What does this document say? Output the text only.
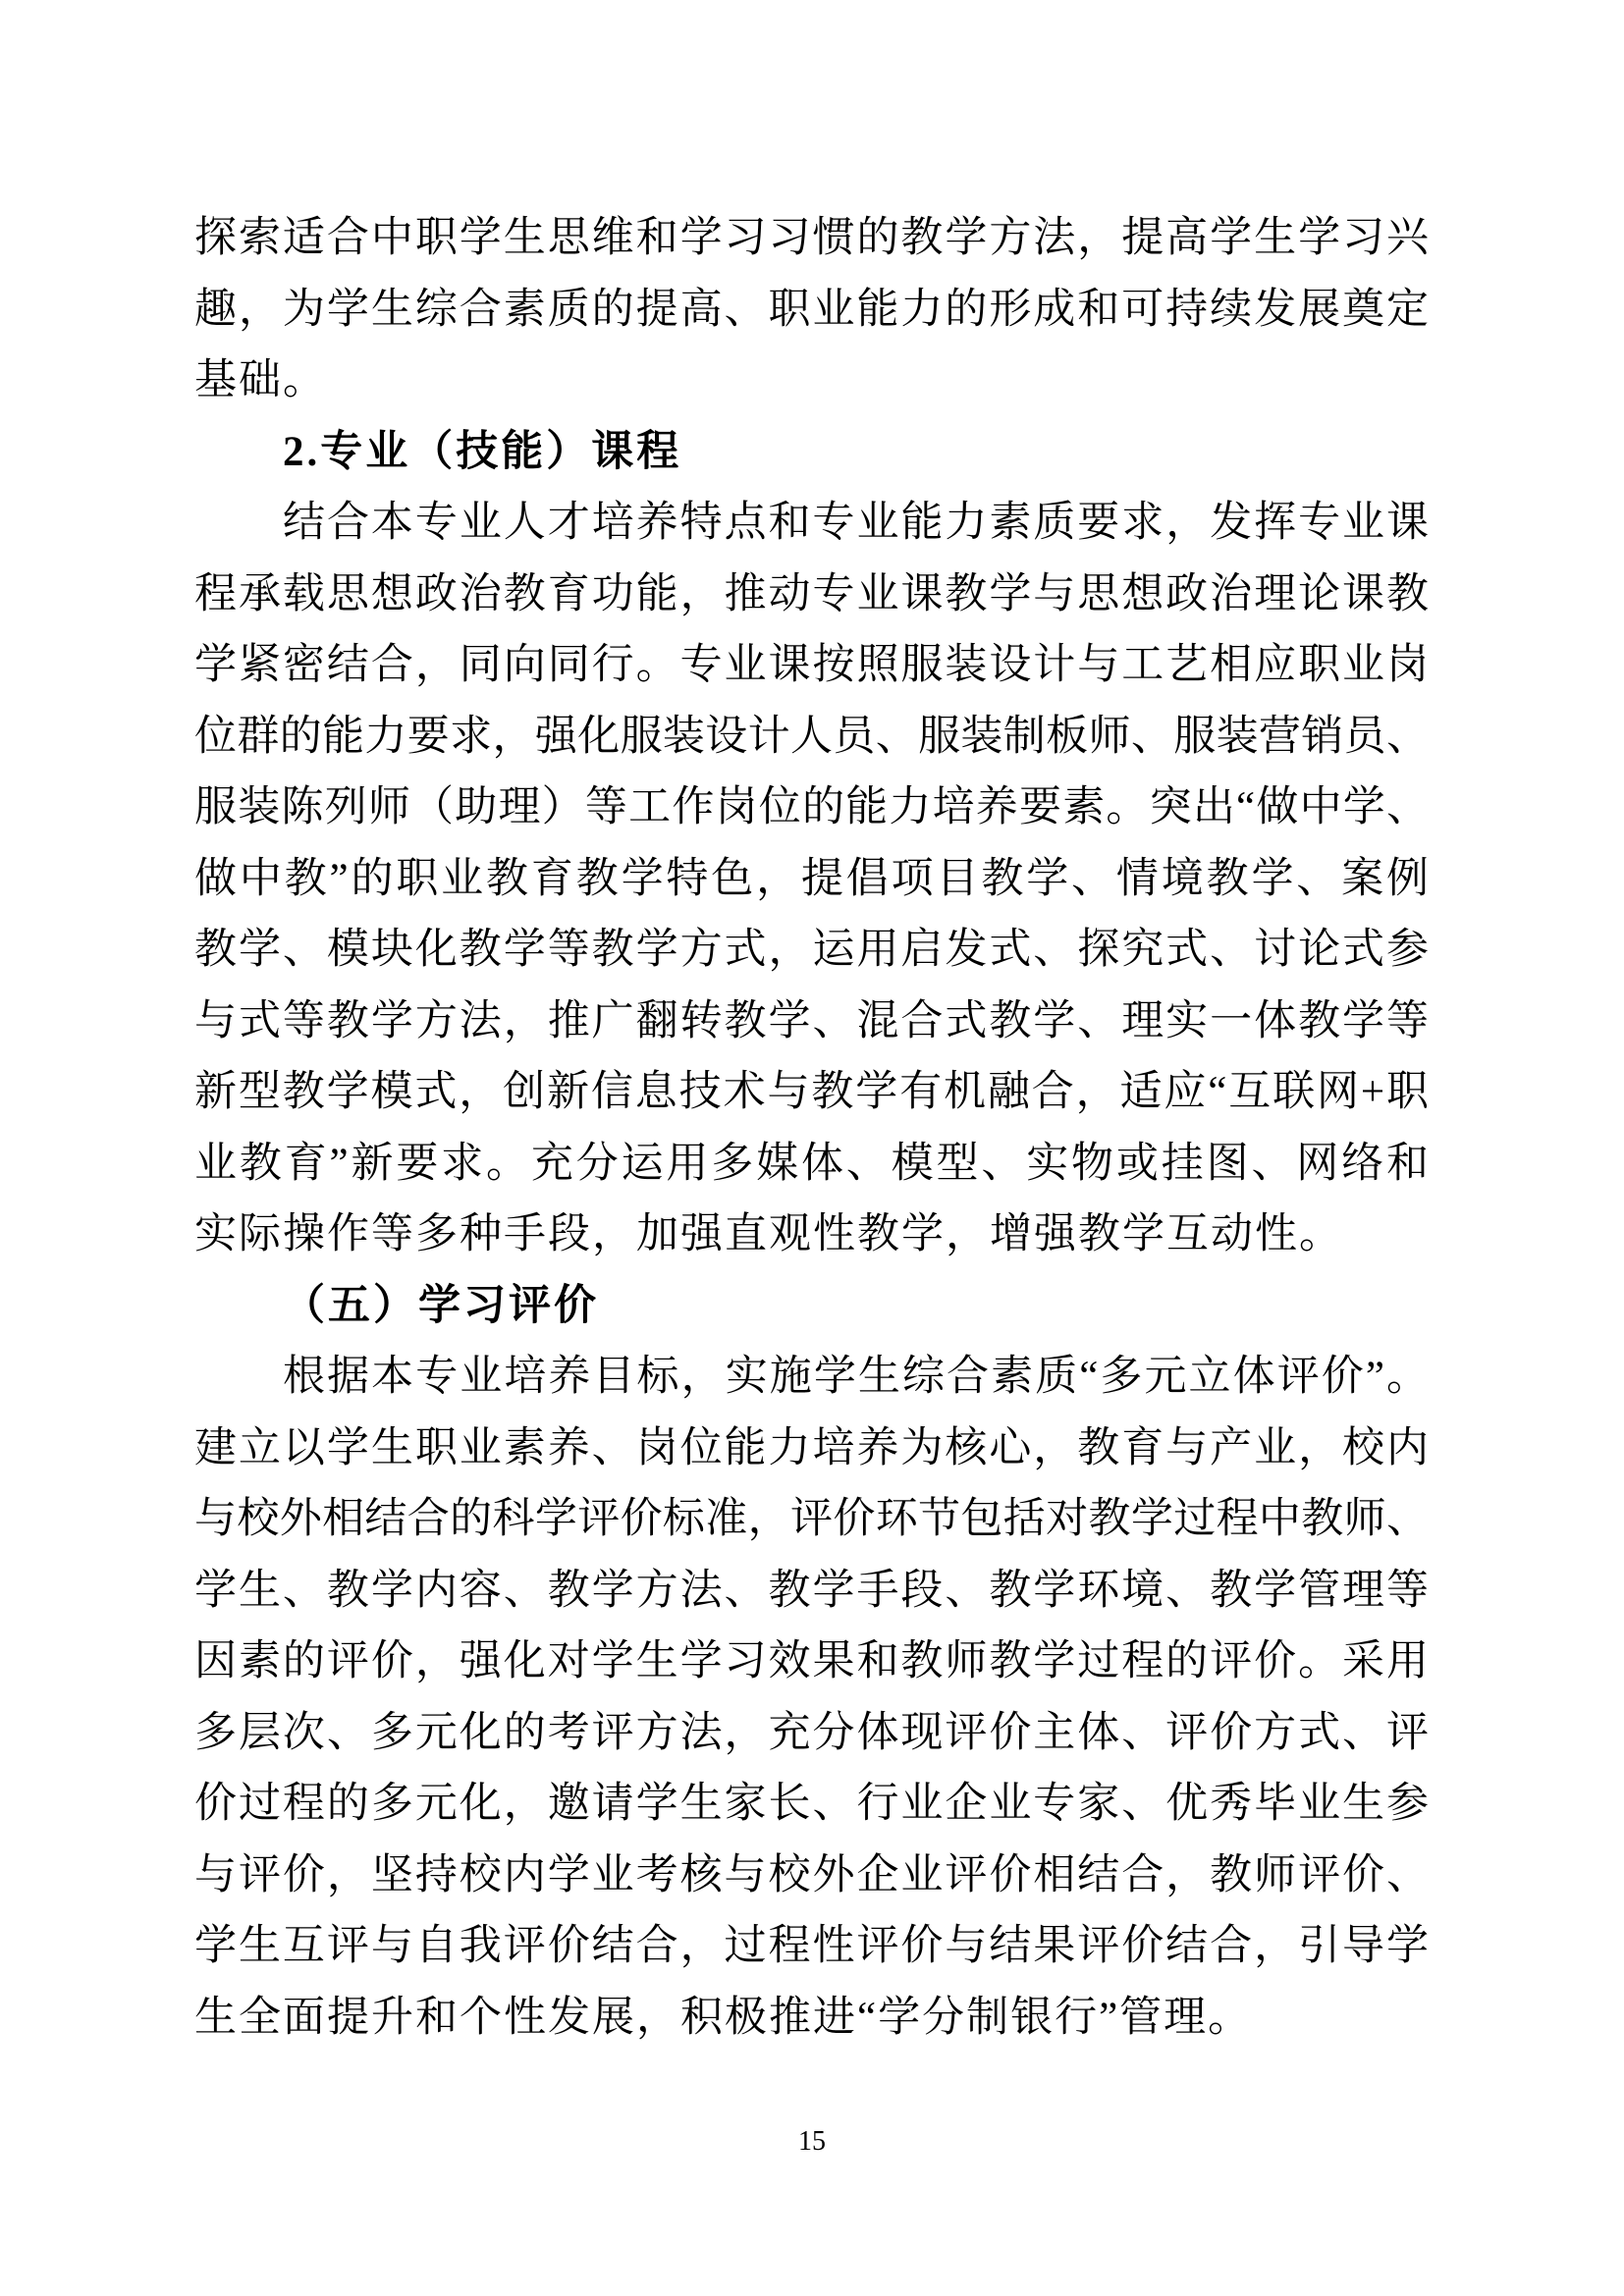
探索适合中职学生思维和学习习惯的教学方法，提高学生学习兴
趣，为学生综合素质的提高、职业能力的形成和可持续发展奠定
基础。
2.专业（技能）课程
结合本专业人才培养特点和专业能力素质要求，发挥专业课
程承载思想政治教育功能，推动专业课教学与思想政治理论课教
学紧密结合，同向同行。专业课按照服装设计与工艺相应职业岗
位群的能力要求，强化服装设计人员、服装制板师、服装营销员、
服装陈列师（助理）等工作岗位的能力培养要素。突出“做中学、
做中教”的职业教育教学特色，提倡项目教学、情境教学、案例
教学、模块化教学等教学方式，运用启发式、探究式、讨论式参
与式等教学方法，推广翻转教学、混合式教学、理实一体教学等
新型教学模式，创新信息技术与教学有机融合，适应“互联网+职
业教育”新要求。充分运用多媒体、模型、实物或挂图、网络和
实际操作等多种手段，加强直观性教学，增强教学互动性。
（五）学习评价
根据本专业培养目标，实施学生综合素质“多元立体评价”。
建立以学生职业素养、岗位能力培养为核心，教育与产业，校内
与校外相结合的科学评价标准，评价环节包括对教学过程中教师、
学生、教学内容、教学方法、教学手段、教学环境、教学管理等
因素的评价，强化对学生学习效果和教师教学过程的评价。采用
多层次、多元化的考评方法，充分体现评价主体、评价方式、评
价过程的多元化，邀请学生家长、行业企业专家、优秀毕业生参
与评价，坚持校内学业考核与校外企业评价相结合，教师评价、
学生互评与自我评价结合，过程性评价与结果评价结合，引导学
生全面提升和个性发展，积极推进“学分制银行”管理。
15
